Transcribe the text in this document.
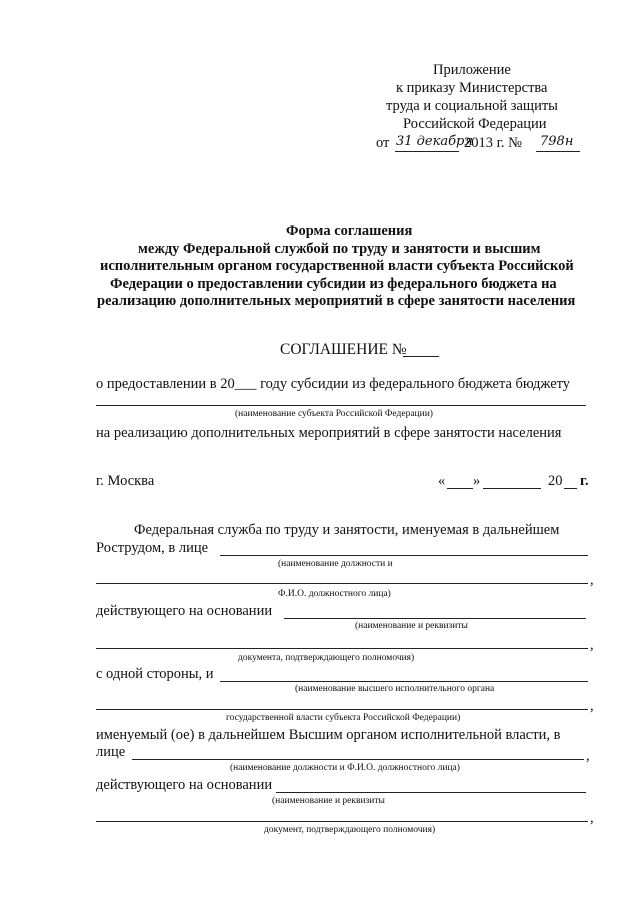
Приложение
к приказу Министерства
труда и социальной защиты
Российской Федерации
от 31 декабря
2013 г. № 798н
Форма соглашения
между Федеральной службой по труду и занятости и высшим
исполнительным органом государственной власти субъекта Российской
Федерации о предоставлении субсидии из федерального бюджета на
реализацию дополнительных мероприятий в сфере занятости населения
СОГЛАШЕНИЕ №
о предоставлении в 20___ году субсидии из федерального бюджета бюджету
(наименование субъекта Российской Федерации)
на реализацию дополнительных мероприятий в сфере занятости населения
г. Москва	« »	20 г.
Федеральная служба по труду и занятости, именуемая в дальнейшем
Рострудом, в лице
(наименование должности и
,
Ф.И.О. должностного лица)
действующего на основании
(наименование и реквизиты
,
документа, подтверждающего полномочия)
с одной стороны, и
(наименование высшего исполнительного органа
,
государственной власти субъекта Российской Федерации)
именуемый (ое) в дальнейшем Высшим органом исполнительной власти, в
лице	,
(наименование должности и Ф.И.О. должностного лица)
действующего на основании
(наименование и реквизиты
,
документ, подтверждающего полномочия)
